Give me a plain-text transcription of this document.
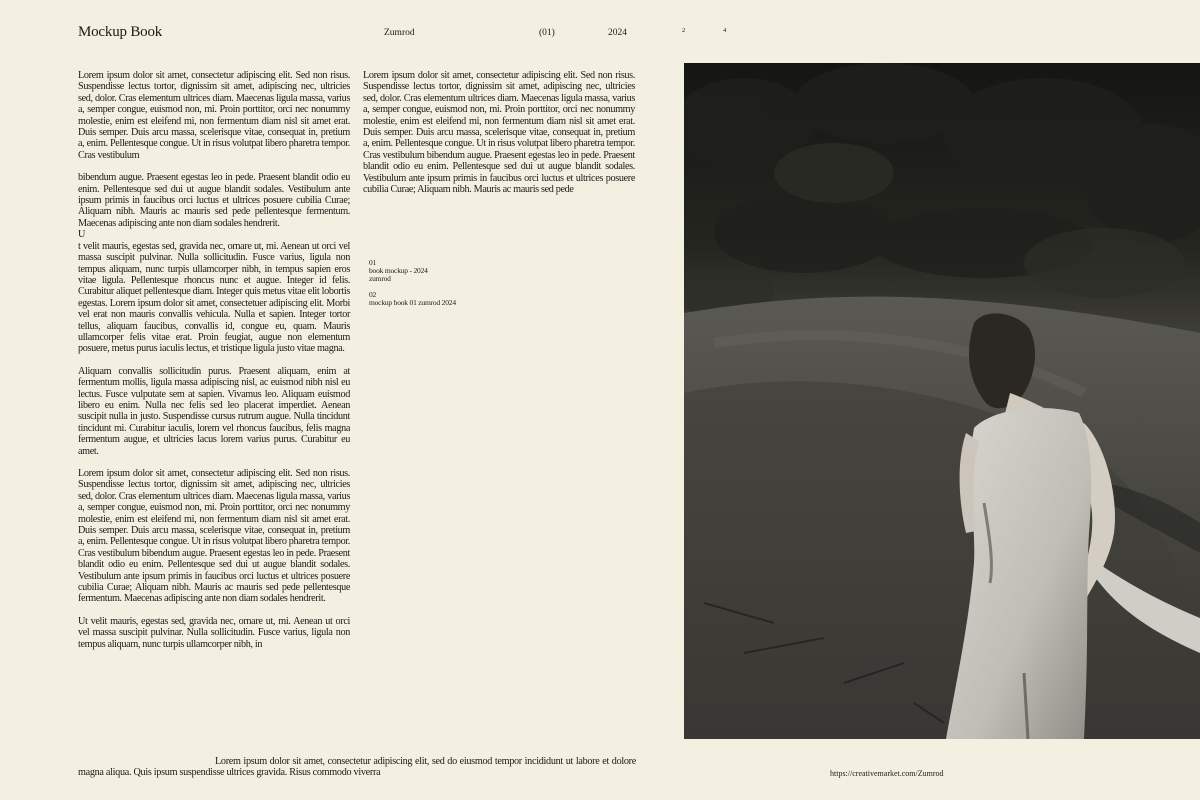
Mockup Book	Zumrod	(01)	2024	2	4

Lorem ipsum dolor sit amet, consectetur adipiscing elit. Sed non risus. Suspendisse lectus tortor, dignissim sit amet, adipiscing nec, ultricies sed, dolor. Cras elementum ultrices diam. Maecenas ligula massa, varius a, semper congue, euismod non, mi. Proin porttitor, orci nec nonummy molestie, enim est eleifend mi, non fermentum diam nisl sit amet erat. Duis semper. Duis arcu massa, scelerisque vitae, consequat in, pretium a, enim. Pellentesque congue. Ut in risus volutpat libero pharetra tempor. Cras vestibulum

bibendum augue. Praesent egestas leo in pede. Praesent blandit odio eu enim. Pellentesque sed dui ut augue blandit sodales. Vestibulum ante ipsum primis in faucibus orci luctus et ultrices posuere cubilia Curae; Aliquam nibh. Mauris ac mauris sed pede pellentesque fermentum. Maecenas adipiscing ante non diam sodales hendrerit.

U

t velit mauris, egestas sed, gravida nec, ornare ut, mi. Aenean ut orci vel massa suscipit pulvinar. Nulla sollicitudin. Fusce varius, ligula non tempus aliquam, nunc turpis ullamcorper nibh, in tempus sapien eros vitae ligula. Pellentesque rhoncus nunc et augue. Integer id felis. Curabitur aliquet pellentesque diam. Integer quis metus vitae elit lobortis egestas. Lorem ipsum dolor sit amet, consectetuer adipiscing elit. Morbi vel erat non mauris convallis vehicula. Nulla et sapien. Integer tortor tellus, aliquam faucibus, convallis id, congue eu, quam. Mauris ullamcorper felis vitae erat. Proin feugiat, augue non elementum posuere, metus purus iaculis lectus, et tristique ligula justo vitae magna.

Aliquam convallis sollicitudin purus. Praesent aliquam, enim at fermentum mollis, ligula massa adipiscing nisl, ac euismod nibh nisl eu lectus. Fusce vulputate sem at sapien. Vivamus leo. Aliquam euismod libero eu enim. Nulla nec felis sed leo placerat imperdiet. Aenean suscipit nulla in justo. Suspendisse cursus rutrum augue. Nulla tincidunt tincidunt mi. Curabitur iaculis, lorem vel rhoncus faucibus, felis magna fermentum augue, et ultricies lacus lorem varius purus. Curabitur eu amet.

Lorem ipsum dolor sit amet, consectetur adipiscing elit. Sed non risus. Suspendisse lectus tortor, dignissim sit amet, adipiscing nec, ultricies sed, dolor. Cras elementum ultrices diam. Maecenas ligula massa, varius a, semper congue, euismod non, mi. Proin porttitor, orci nec nonummy molestie, enim est eleifend mi, non fermentum diam nisl sit amet erat. Duis semper. Duis arcu massa, scelerisque vitae, consequat in, pretium a, enim. Pellentesque congue. Ut in risus volutpat libero pharetra tempor. Cras vestibulum bibendum augue. Praesent egestas leo in pede. Praesent blandit odio eu enim. Pellentesque sed dui ut augue blandit sodales. Vestibulum ante ipsum primis in faucibus orci luctus et ultrices posuere cubilia Curae; Aliquam nibh. Mauris ac mauris sed pede pellentesque fermentum. Maecenas adipiscing ante non diam sodales hendrerit.

Ut velit mauris, egestas sed, gravida nec, ornare ut, mi. Aenean ut orci vel massa suscipit pulvinar. Nulla sollicitudin. Fusce varius, ligula non tempus aliquam, nunc turpis ullamcorper nibh, in

Lorem ipsum dolor sit amet, consectetur adipiscing elit. Sed non risus. Suspendisse lectus tortor, dignissim sit amet, adipiscing nec, ultricies sed, dolor. Cras elementum ultrices diam. Maecenas ligula massa, varius a, semper congue, euismod non, mi. Proin porttitor, orci nec nonummy molestie, enim est eleifend mi, non fermentum diam nisl sit amet erat. Duis semper. Duis arcu massa, scelerisque vitae, consequat in, pretium a, enim. Pellentesque congue. Ut in risus volutpat libero pharetra tempor. Cras vestibulum bibendum augue. Praesent egestas leo in pede. Praesent blandit odio eu enim. Pellentesque sed dui ut augue blandit sodales. Vestibulum ante ipsum primis in faucibus orci luctus et ultrices posuere cubilia Curae; Aliquam nibh. Mauris ac mauris sed pede

01
book mockup - 2024
zumrod
02
mockup book 01 zumrod 2024
Lorem ipsum dolor sit amet, consectetur adipiscing elit, sed do eiusmod tempor incididunt ut labore et dolore magna aliqua. Quis ipsum suspendisse ultrices gravida. Risus commodo viverra	https://creativemarket.com/Zumrod
